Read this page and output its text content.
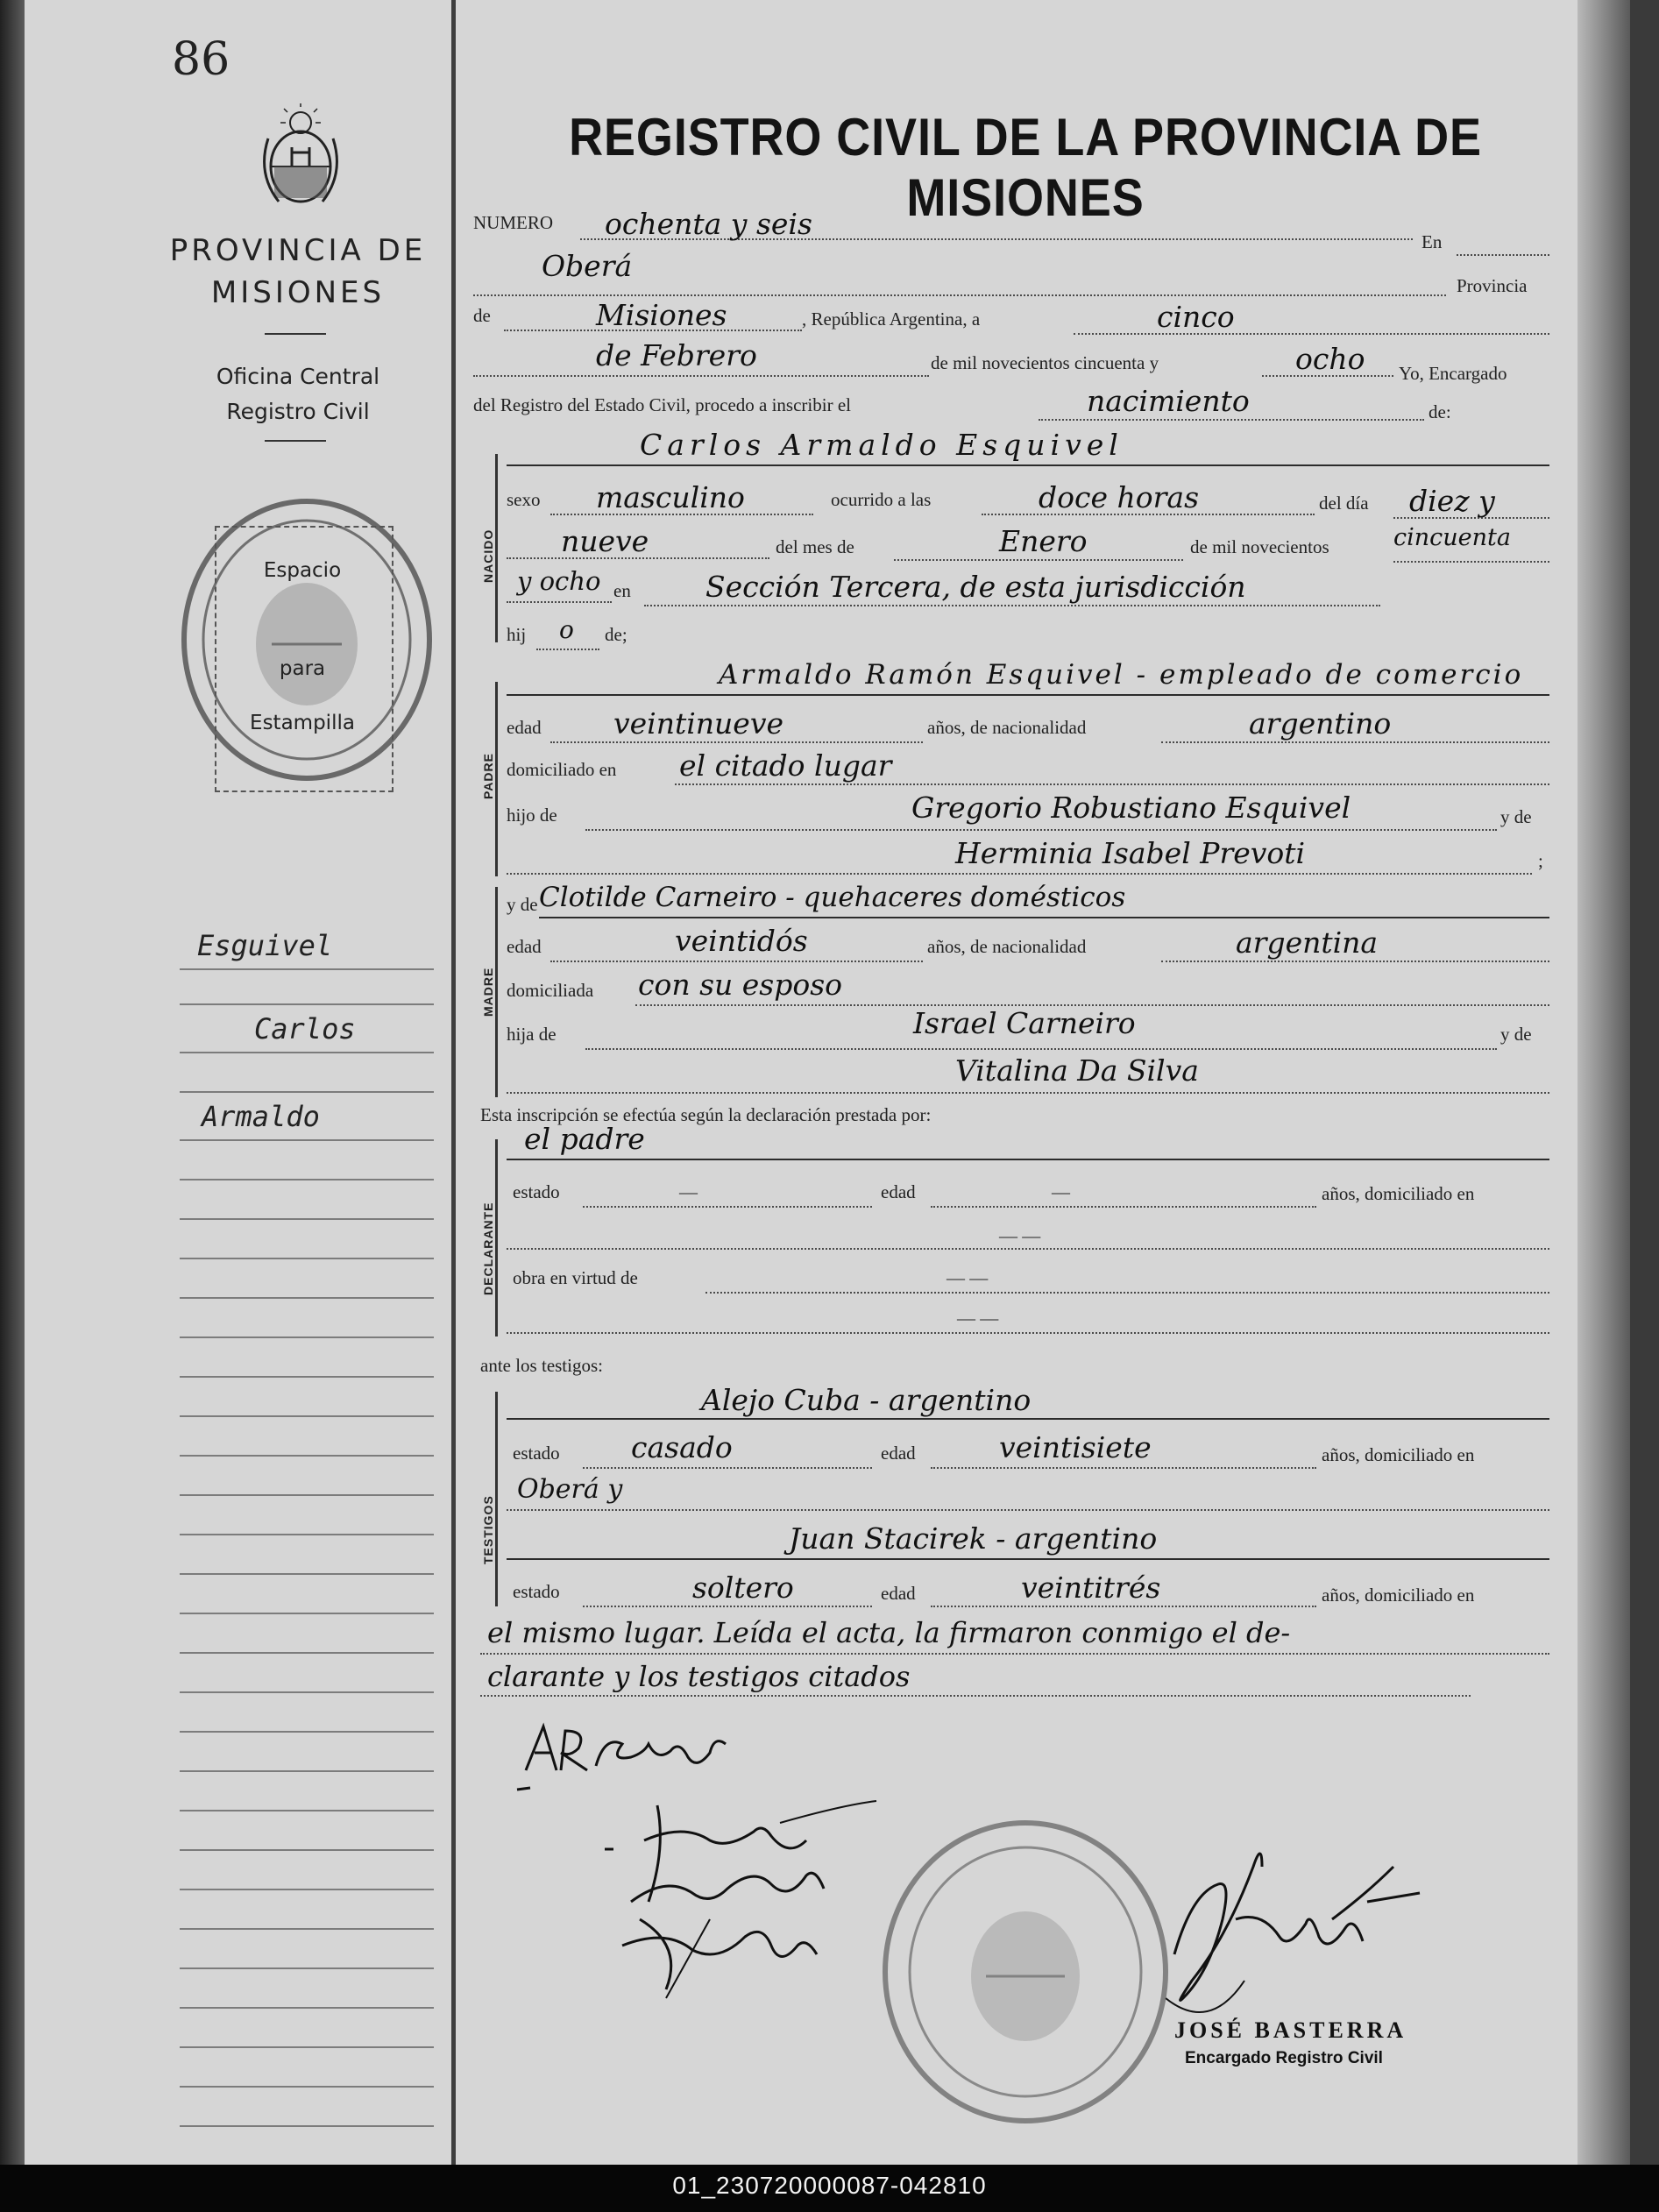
86
PROVINCIA DE
MISIONES
Oficina Central
Registro Civil
Espacio
para
Estampilla
Esguivel
Carlos
Armaldo
REGISTRO CIVIL DE LA PROVINCIA DE MISIONES
NUMERO ochenta y seis
En
Oberá
Provincia
de	Misiones	, República Argentina, a	cinco
de Febrero	de mil novecientos cincuenta y	ocho Yo, Encargado
del Registro del Estado Civil, procedo a inscribir el	nacimiento	de:
NACIDO
Carlos Armaldo Esquivel
sexo masculino	ocurrido a las	doce horas	del día diez y
nueve	del mes de	Enero	de mil novecientos	cincuenta
y ocho en	Sección Tercera, de esta jurisdicción
hij o de;
PADRE
Armaldo Ramón Esquivel - empleado de comercio
edad veintinueve	años, de nacionalidad	argentino
domiciliado en el citado lugar
hijo de	Gregorio Robustiano Esquivel	y de
Herminia Isabel Prevoti	;
MADRE
y de Clotilde Carneiro - quehaceres domésticos
edad	veintidós	años, de nacionalidad	argentina
domiciliada con su esposo
hija de	Israel Carneiro	y de
Vitalina Da Silva
Esta inscripción se efectúa según la declaración prestada por:
DECLARANTE
el padre
estado	—	edad	—	años, domiciliado en
— —
obra en virtud de	— —
— —
ante los testigos:
TESTIGOS
Alejo Cuba - argentino
estado casado	edad	veintisiete	años, domiciliado en
Oberá y
Juan Stacirek - argentino
estado	soltero	edad	veintitrés	años, domiciliado en
el mismo lugar. Leída el acta, la firmaron conmigo el de-
clarante y los testigos citados
JOSÉ BASTERRA
Encargado Registro Civil
01_230720000087-042810
